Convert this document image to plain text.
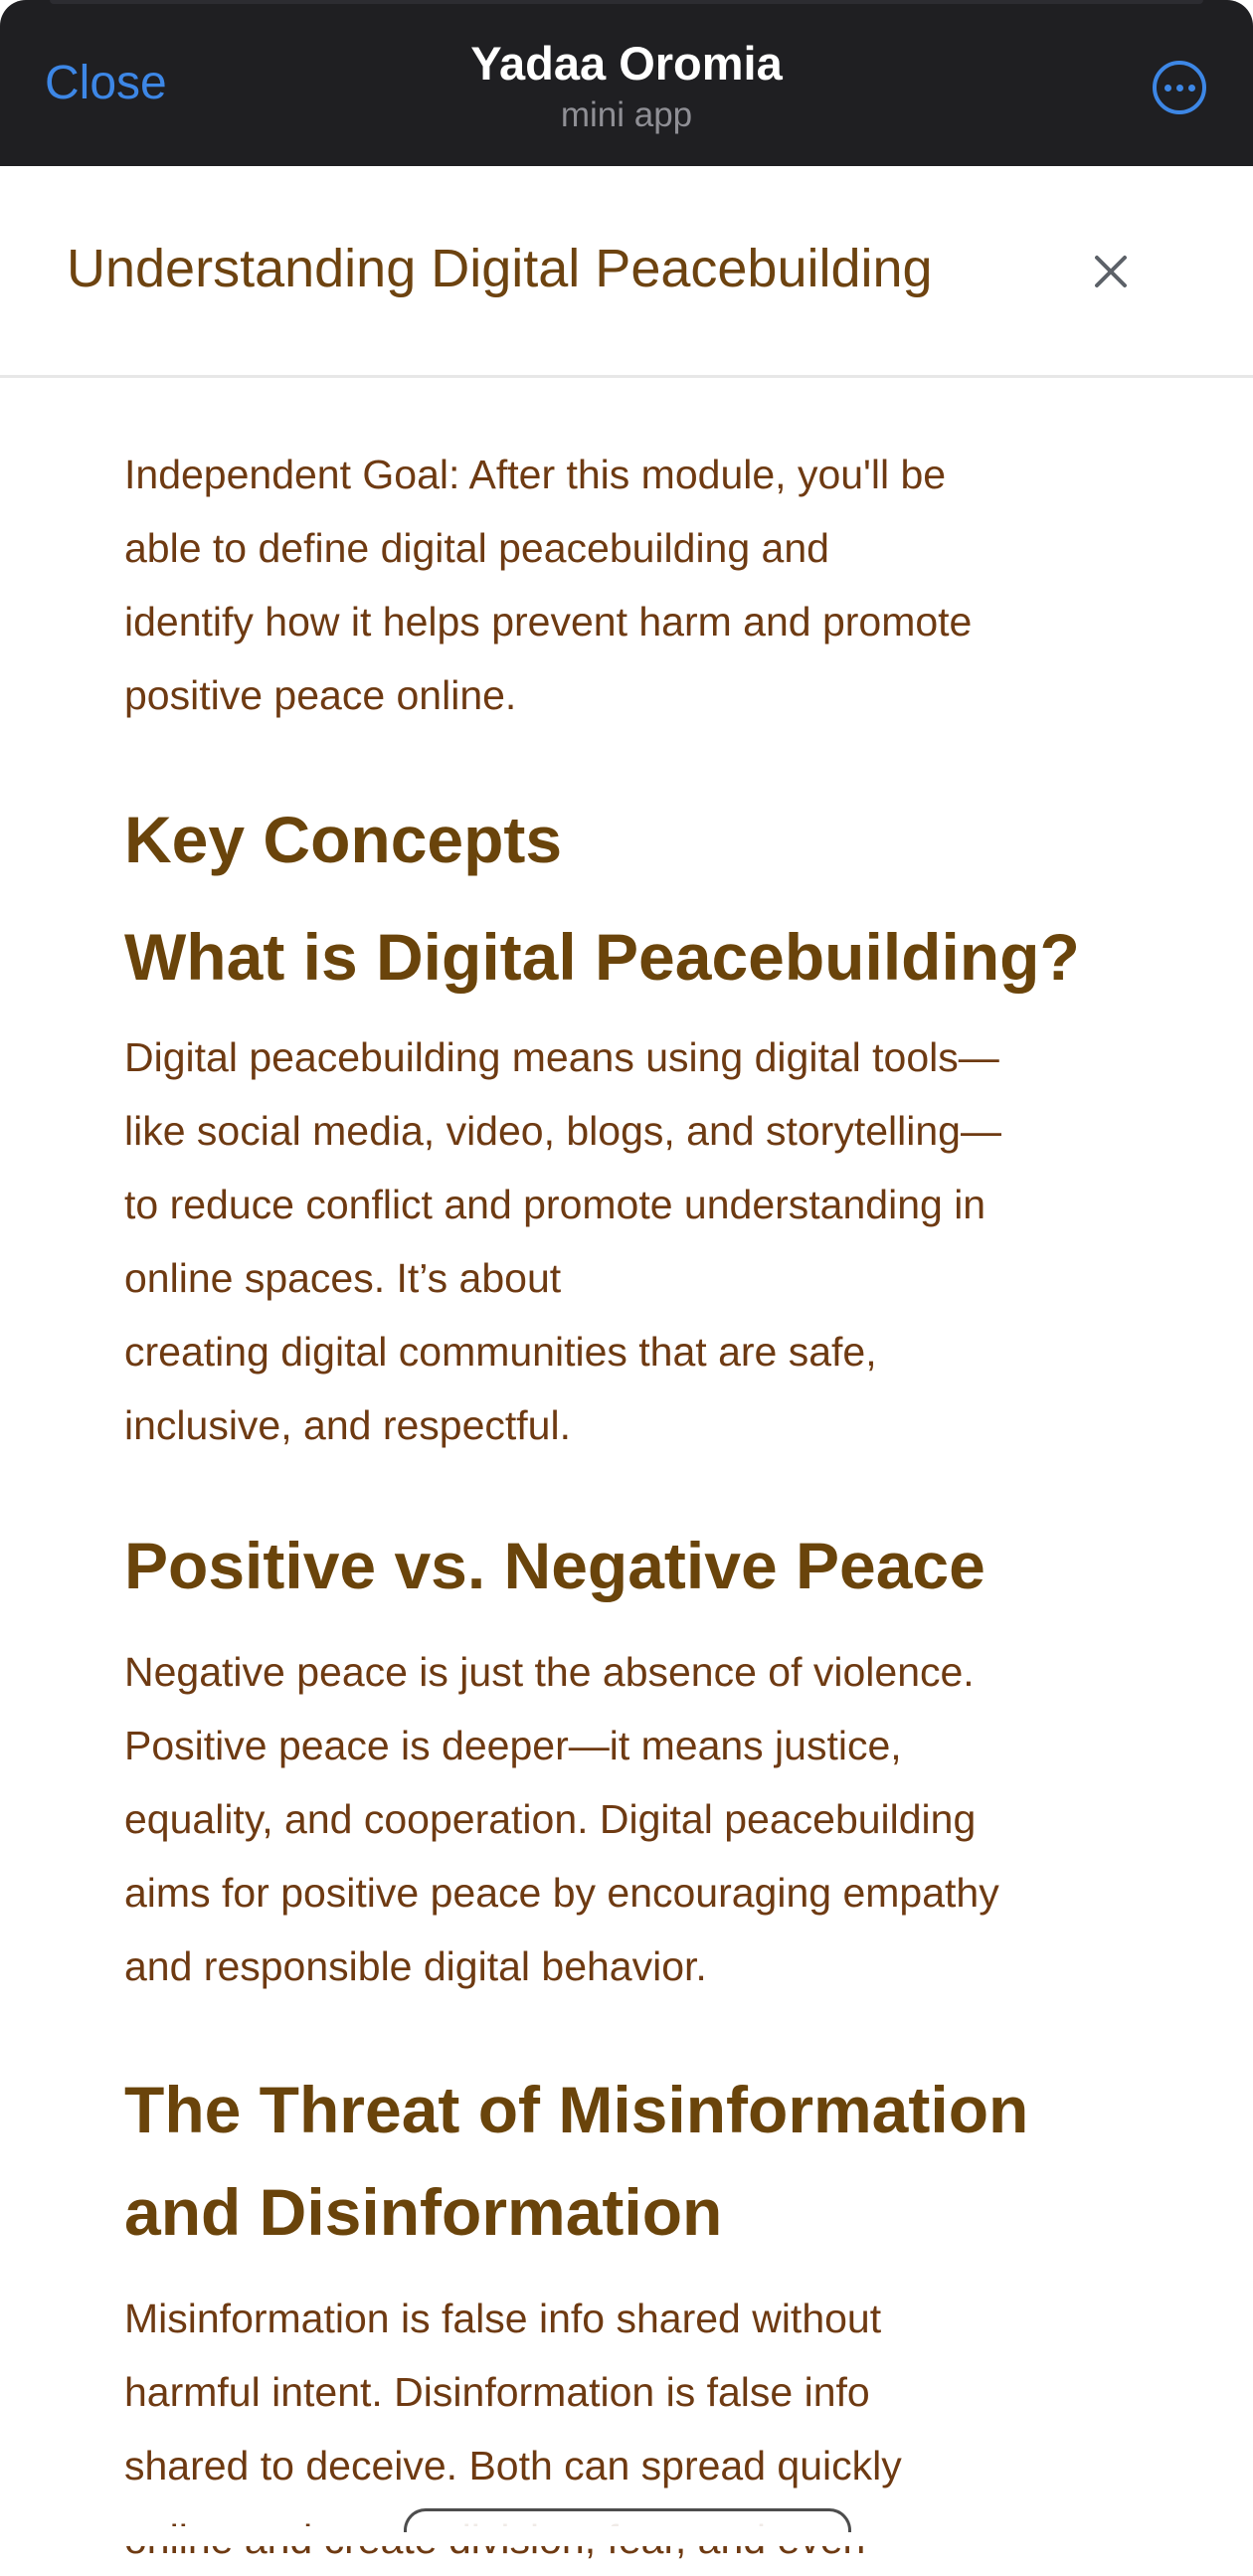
Close	Yadaa Oromia
mini app
Understanding Digital Peacebuilding

Independent Goal: After this module, you'll be
able to define digital peacebuilding and
identify how it helps prevent harm and promote
positive peace online.

Key Concepts
What is Digital Peacebuilding?

Digital peacebuilding means using digital tools—
like social media, video, blogs, and storytelling—
to reduce conflict and promote understanding in
online spaces. It’s about
creating digital communities that are safe,
inclusive, and respectful.

Positive vs. Negative Peace

Negative peace is just the absence of violence.
Positive peace is deeper—it means justice,
equality, and cooperation. Digital peacebuilding
aims for positive peace by encouraging empathy
and responsible digital behavior.

The Threat of Misinformation
and Disinformation

Misinformation is false info shared without
harmful intent. Disinformation is false info
shared to deceive. Both can spread quickly
